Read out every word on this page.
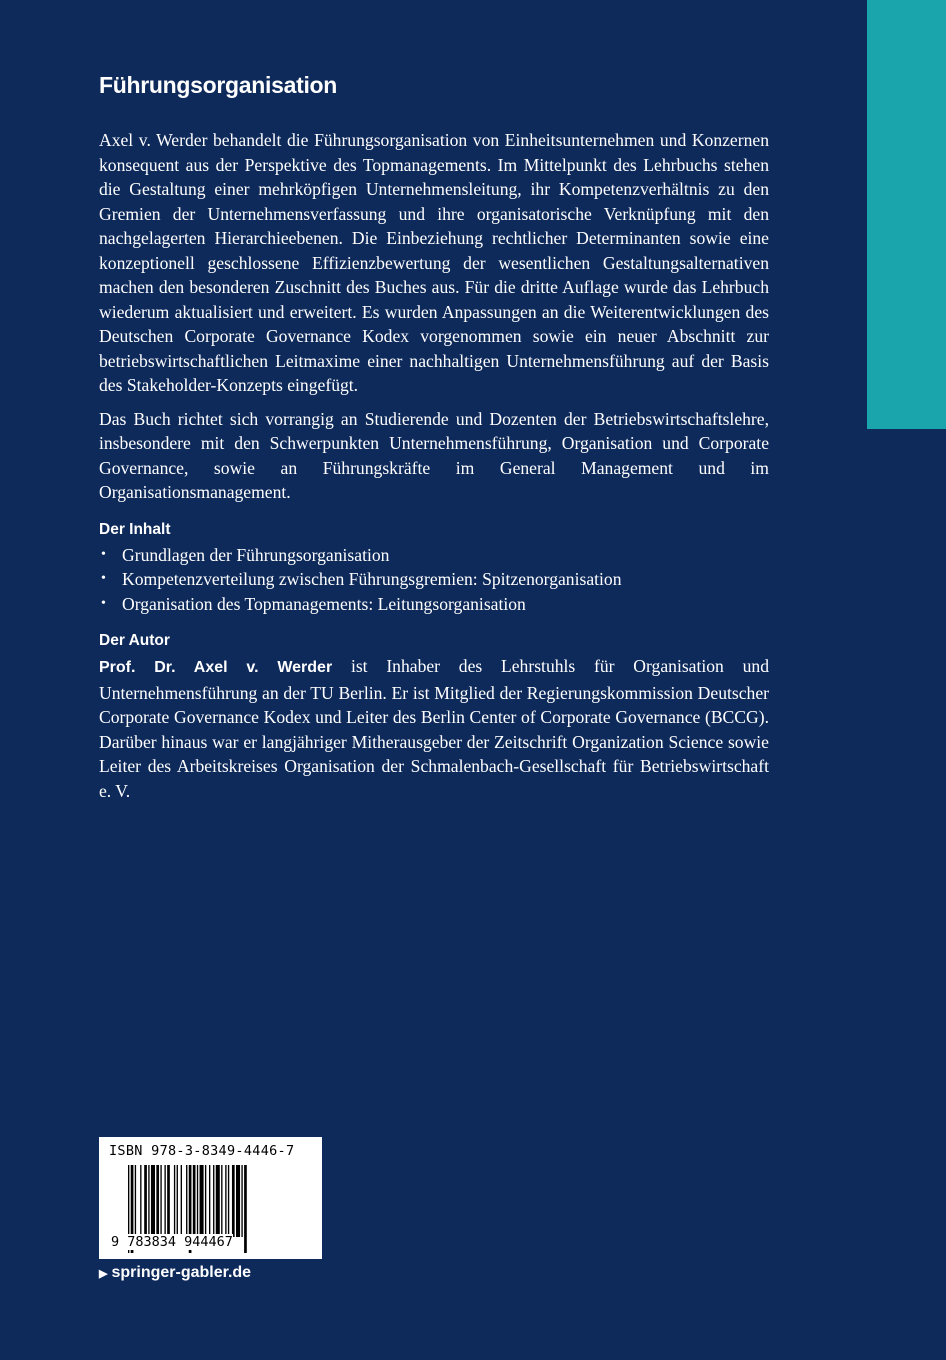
Führungsorganisation

Axel v. Werder behandelt die Führungsorganisation von Einheitsunternehmen und Konzernen konsequent aus der Perspektive des Topmanagements. Im Mittelpunkt des Lehrbuchs stehen die Gestaltung einer mehrköpfigen Unternehmensleitung, ihr Kompetenzverhältnis zu den Gremien der Unternehmensverfassung und ihre organisatorische Verknüpfung mit den nachgelagerten Hierarchieebenen. Die Einbeziehung rechtlicher Determinanten sowie eine konzeptionell geschlossene Effizienzbewertung der wesentlichen Gestaltungsalternativen machen den besonderen Zuschnitt des Buches aus. Für die dritte Auflage wurde das Lehrbuch wiederum aktualisiert und erweitert. Es wurden Anpassungen an die Weiterentwicklungen des Deutschen Corporate Governance Kodex vorgenommen sowie ein neuer Abschnitt zur betriebswirtschaftlichen Leitmaxime einer nachhaltigen Unternehmensführung auf der Basis des Stakeholder-Konzepts eingefügt.

Das Buch richtet sich vorrangig an Studierende und Dozenten der Betriebswirtschaftslehre, insbesondere mit den Schwerpunkten Unternehmensführung, Organisation und Corporate Governance, sowie an Führungskräfte im General Management und im Organisationsmanagement.

Der Inhalt
• Grundlagen der Führungsorganisation
• Kompetenzverteilung zwischen Führungsgremien: Spitzenorganisation
• Organisation des Topmanagements: Leitungsorganisation
Der Autor

Prof. Dr. Axel v. Werder ist Inhaber des Lehrstuhls für Organisation und Unternehmensführung an der TU Berlin. Er ist Mitglied der Regierungskommission Deutscher Corporate Governance Kodex und Leiter des Berlin Center of Corporate Governance (BCCG). Darüber hinaus war er langjähriger Mitherausgeber der Zeitschrift Organization Science sowie Leiter des Arbeitskreises Organisation der Schmalenbach-Gesellschaft für Betriebswirtschaft e. V.

ISBN 978-3-8349-4446-7
9 783834 944467
▶ springer-gabler.de
